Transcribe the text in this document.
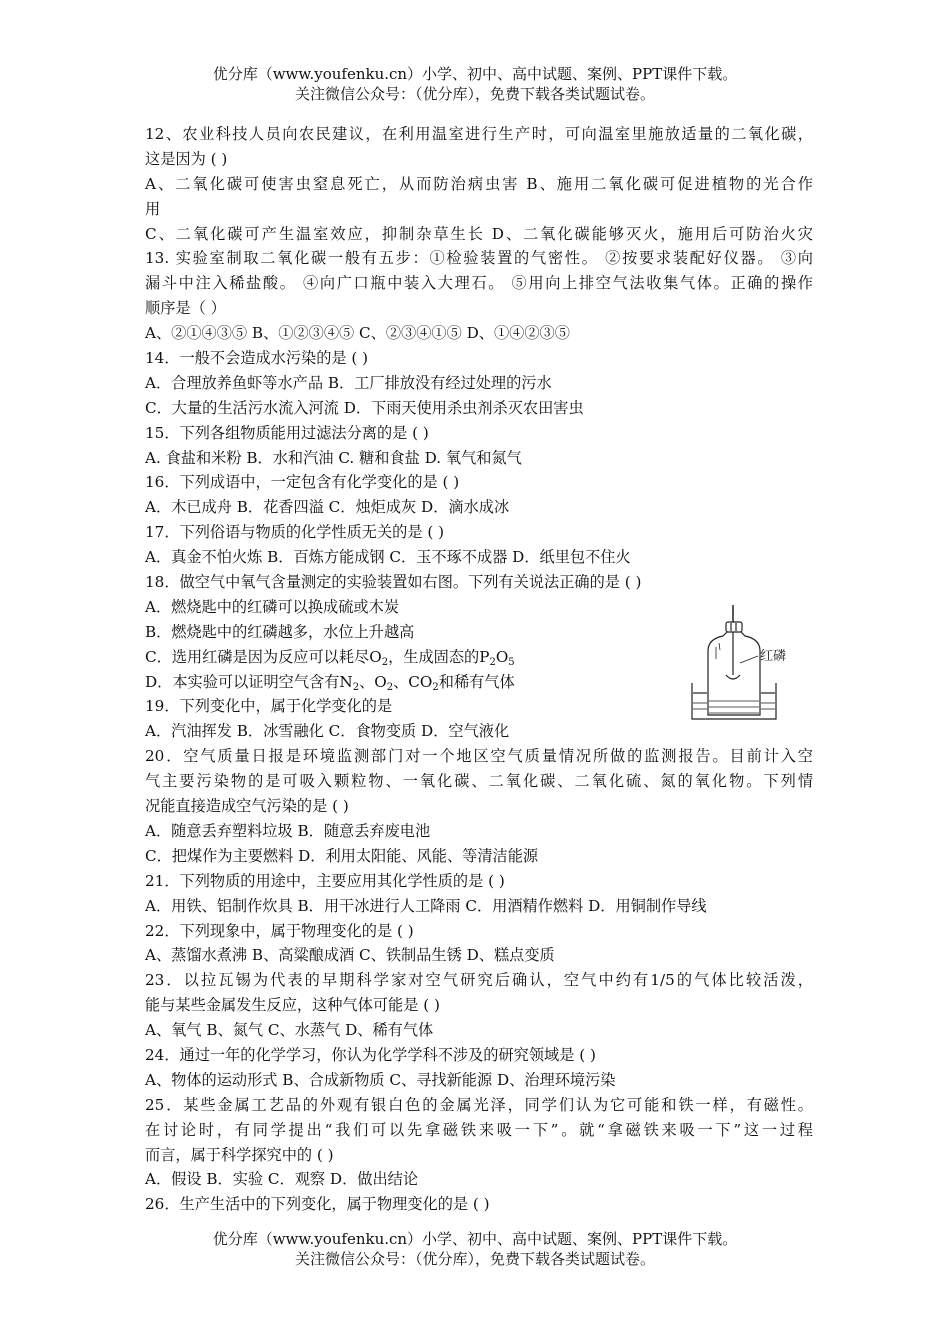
优分库（www.youfenku.cn）小学、初中、高中试题、案例、PPT课件下载。
关注微信公众号：（优分库），免费下载各类试题试卷。
12、农业科技人员向农民建议，在利用温室进行生产时，可向温室里施放适量的二氧化碳，
这是因为 ( )
A、二氧化碳可使害虫窒息死亡，从而防治病虫害 B、施用二氧化碳可促进植物的光合作
用
C、二氧化碳可产生温室效应，抑制杂草生长 D、二氧化碳能够灭火，施用后可防治火灾
13. 实验室制取二氧化碳一般有五步：①检验装置的气密性。 ②按要求装配好仪器。 ③向
漏斗中注入稀盐酸。 ④向广口瓶中装入大理石。 ⑤用向上排空气法收集气体。正确的操作
顺序是（ ）
A、②①④③⑤ B、①②③④⑤ C、②③④①⑤ D、①④②③⑤
14．一般不会造成水污染的是 ( )
A．合理放养鱼虾等水产品 B．工厂排放没有经过处理的污水
C．大量的生活污水流入河流 D．下雨天使用杀虫剂杀灭农田害虫
15．下列各组物质能用过滤法分离的是 ( )
A. 食盐和米粉 B．水和汽油 C. 糖和食盐 D. 氧气和氮气
16．下列成语中，一定包含有化学变化的是 ( )
A．木已成舟 B．花香四溢 C．烛炬成灰 D．滴水成冰
17．下列俗语与物质的化学性质无关的是 ( )
A．真金不怕火炼 B．百炼方能成钢 C．玉不琢不成器 D．纸里包不住火
18．做空气中氧气含量测定的实验装置如右图。下列有关说法正确的是 ( )
A．燃烧匙中的红磷可以换成硫或木炭
B．燃烧匙中的红磷越多，水位上升越高
C．选用红磷是因为反应可以耗尽O2，生成固态的P2O5
D．本实验可以证明空气含有N2、O2、CO2和稀有气体
19．下列变化中，属于化学变化的是
A．汽油挥发 B．冰雪融化 C．食物变质 D．空气液化
20．空气质量日报是环境监测部门对一个地区空气质量情况所做的监测报告。目前计入空
气主要污染物的是可吸入颗粒物、一氧化碳、二氧化碳、二氧化硫、氮的氧化物。下列情
况能直接造成空气污染的是 ( )
A．随意丢弃塑料垃圾 B．随意丢弃废电池
C．把煤作为主要燃料 D．利用太阳能、风能、等清洁能源
21．下列物质的用途中，主要应用其化学性质的是 ( )
A．用铁、铝制作炊具 B．用干冰进行人工降雨 C．用酒精作燃料 D．用铜制作导线
22．下列现象中，属于物理变化的是 ( )
A、蒸馏水煮沸 B、高粱酿成酒 C、铁制品生锈 D、糕点变质
23．以拉瓦锡为代表的早期科学家对空气研究后确认，空气中约有1/5的气体比较活泼，
能与某些金属发生反应，这种气体可能是 ( )
A、氧气 B、氮气 C、水蒸气 D、稀有气体
24．通过一年的化学学习，你认为化学学科不涉及的研究领域是 ( )
A、物体的运动形式 B、合成新物质 C、寻找新能源 D、治理环境污染
25．某些金属工艺品的外观有银白色的金属光泽，同学们认为它可能和铁一样，有磁性。
在讨论时，有同学提出“我们可以先拿磁铁来吸一下”。就“拿磁铁来吸一下”这一过程
而言，属于科学探究中的 ( )
A．假设 B．实验 C．观察 D．做出结论
26．生产生活中的下列变化，属于物理变化的是 ( )
红磷
优分库（www.youfenku.cn）小学、初中、高中试题、案例、PPT课件下载。
关注微信公众号：（优分库），免费下载各类试题试卷。
